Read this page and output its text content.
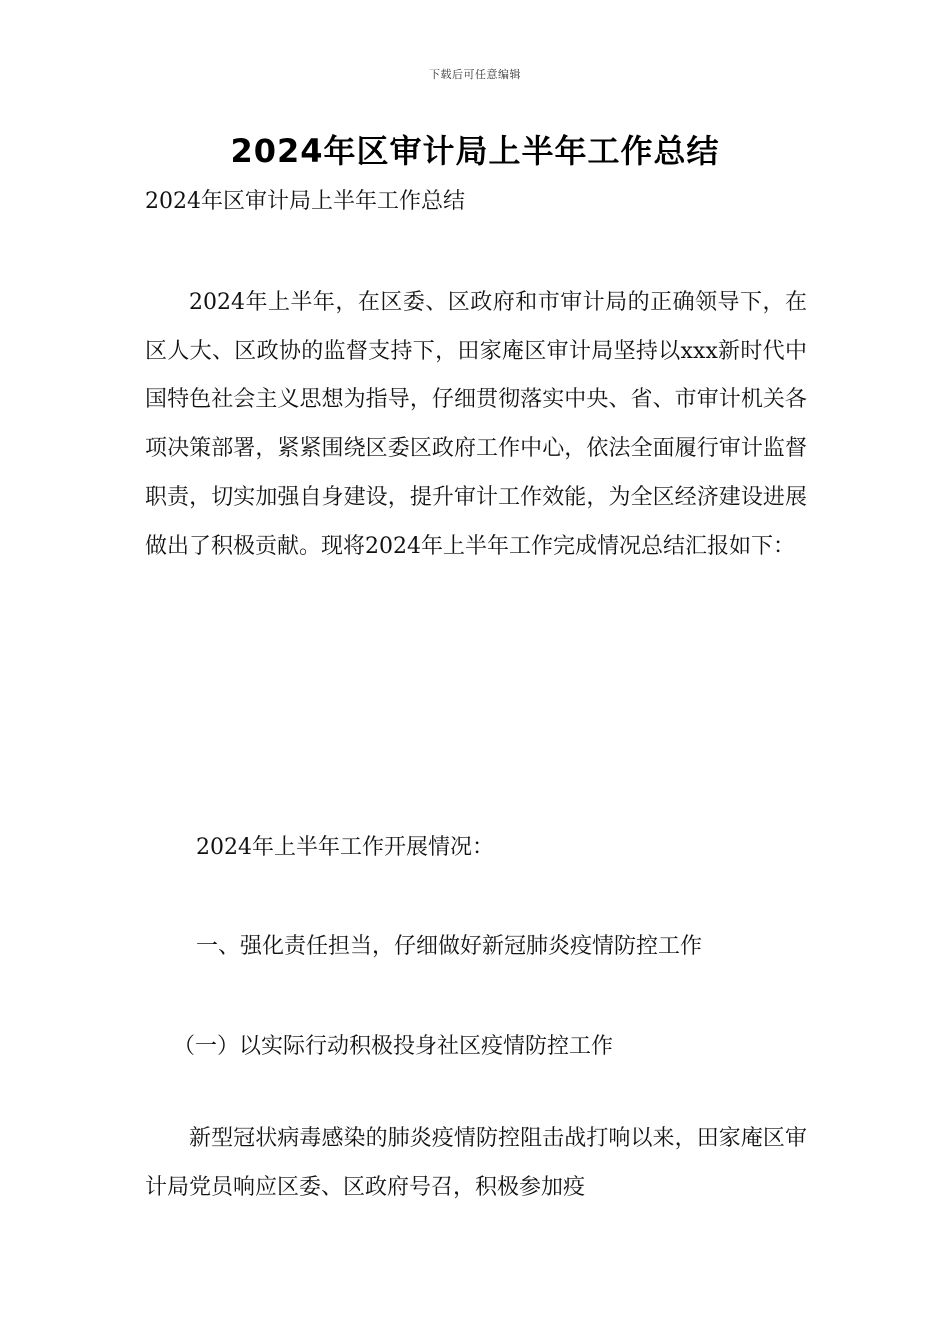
下载后可任意编辑
2024年区审计局上半年工作总结
2024年区审计局上半年工作总结

2024年上半年，在区委、区政府和市审计局的正确领导下，在区人大、区政协的监督支持下，田家庵区审计局坚持以xxx新时代中国特色社会主义思想为指导，仔细贯彻落实中央、省、市审计机关各项决策部署，紧紧围绕区委区政府工作中心，依法全面履行审计监督职责，切实加强自身建设，提升审计工作效能，为全区经济建设进展做出了积极贡献。现将2024年上半年工作完成情况总结汇报如下：

2024年上半年工作开展情况：

一、强化责任担当，仔细做好新冠肺炎疫情防控工作

（一）以实际行动积极投身社区疫情防控工作

新型冠状病毒感染的肺炎疫情防控阻击战打响以来，田家庵区审计局党员响应区委、区政府号召，积极参加疫
